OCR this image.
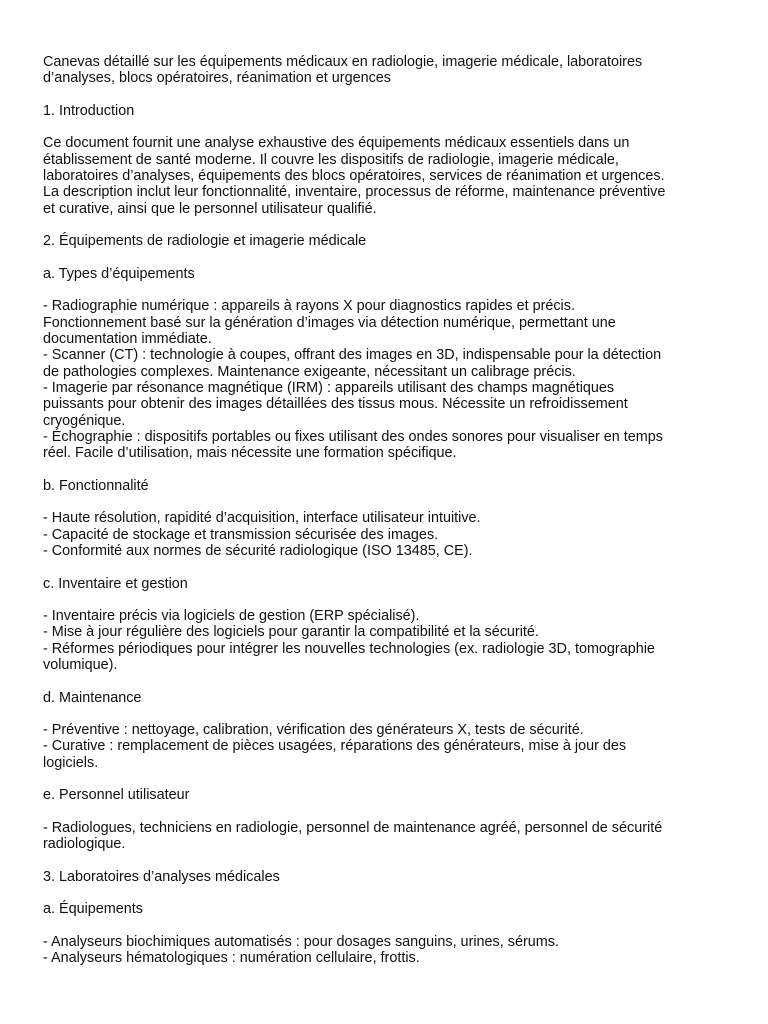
Canevas détaillé sur les équipements médicaux en radiologie, imagerie médicale, laboratoires
d’analyses, blocs opératoires, réanimation et urgences
1. Introduction
Ce document fournit une analyse exhaustive des équipements médicaux essentiels dans un
établissement de santé moderne. Il couvre les dispositifs de radiologie, imagerie médicale,
laboratoires d’analyses, équipements des blocs opératoires, services de réanimation et urgences.
La description inclut leur fonctionnalité, inventaire, processus de réforme, maintenance préventive
et curative, ainsi que le personnel utilisateur qualifié.
2. Équipements de radiologie et imagerie médicale
a. Types d’équipements
- Radiographie numérique : appareils à rayons X pour diagnostics rapides et précis.
Fonctionnement basé sur la génération d’images via détection numérique, permettant une
documentation immédiate.
- Scanner (CT) : technologie à coupes, offrant des images en 3D, indispensable pour la détection
de pathologies complexes. Maintenance exigeante, nécessitant un calibrage précis.
- Imagerie par résonance magnétique (IRM) : appareils utilisant des champs magnétiques
puissants pour obtenir des images détaillées des tissus mous. Nécessite un refroidissement
cryogénique.
- Échographie : dispositifs portables ou fixes utilisant des ondes sonores pour visualiser en temps
réel. Facile d’utilisation, mais nécessite une formation spécifique.
b. Fonctionnalité
- Haute résolution, rapidité d’acquisition, interface utilisateur intuitive.
- Capacité de stockage et transmission sécurisée des images.
- Conformité aux normes de sécurité radiologique (ISO 13485, CE).
c. Inventaire et gestion
- Inventaire précis via logiciels de gestion (ERP spécialisé).
- Mise à jour régulière des logiciels pour garantir la compatibilité et la sécurité.
- Réformes périodiques pour intégrer les nouvelles technologies (ex. radiologie 3D, tomographie
volumique).
d. Maintenance
- Préventive : nettoyage, calibration, vérification des générateurs X, tests de sécurité.
- Curative : remplacement de pièces usagées, réparations des générateurs, mise à jour des
logiciels.
e. Personnel utilisateur
- Radiologues, techniciens en radiologie, personnel de maintenance agréé, personnel de sécurité
radiologique.
3. Laboratoires d’analyses médicales
a. Équipements
- Analyseurs biochimiques automatisés : pour dosages sanguins, urines, sérums.
- Analyseurs hématologiques : numération cellulaire, frottis.
